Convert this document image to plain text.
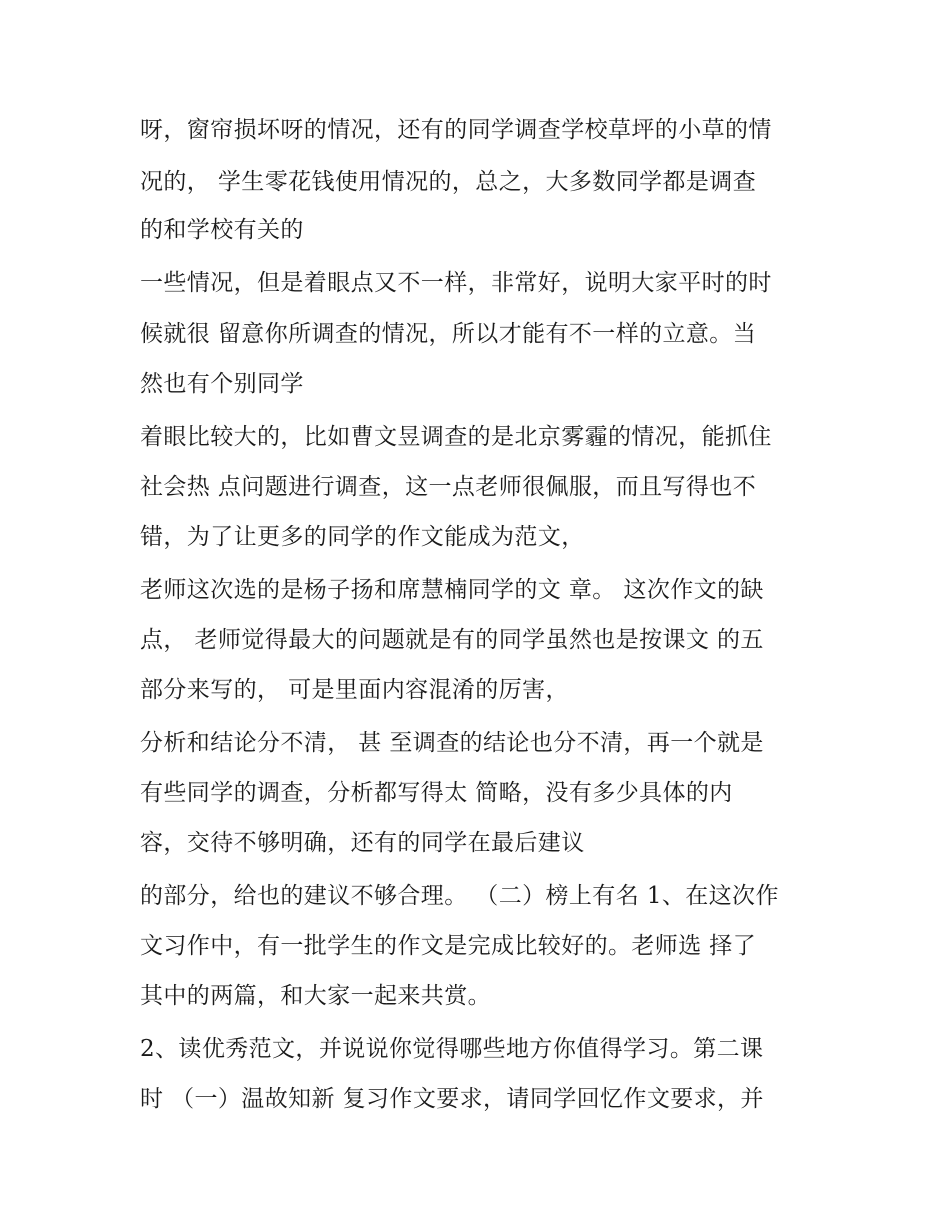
呀，窗帘损坏呀的情况，还有的同学调查学校草坪的小草的情

况的， 学生零花钱使用情况的，总之，大多数同学都是调查

的和学校有关的

一些情况，但是着眼点又不一样，非常好，说明大家平时的时

候就很 留意你所调查的情况，所以才能有不一样的立意。当

然也有个别同学

着眼比较大的，比如曹文昱调查的是北京雾霾的情况，能抓住

社会热 点问题进行调查，这一点老师很佩服，而且写得也不

错，为了让更多的同学的作文能成为范文，

老师这次选的是杨子扬和席慧楠同学的文 章。 这次作文的缺

点， 老师觉得最大的问题就是有的同学虽然也是按课文 的五

部分来写的， 可是里面内容混淆的厉害，

分析和结论分不清， 甚 至调查的结论也分不清，再一个就是

有些同学的调查，分析都写得太 简略，没有多少具体的内

容，交待不够明确，还有的同学在最后建议

的部分，给也的建议不够合理。 （二）榜上有名 1、在这次作

文习作中，有一批学生的作文是完成比较好的。老师选 择了

其中的两篇，和大家一起来共赏。

2、读优秀范文，并说说你觉得哪些地方你值得学习。第二课

时 （一）温故知新 复习作文要求，请同学回忆作文要求，并
